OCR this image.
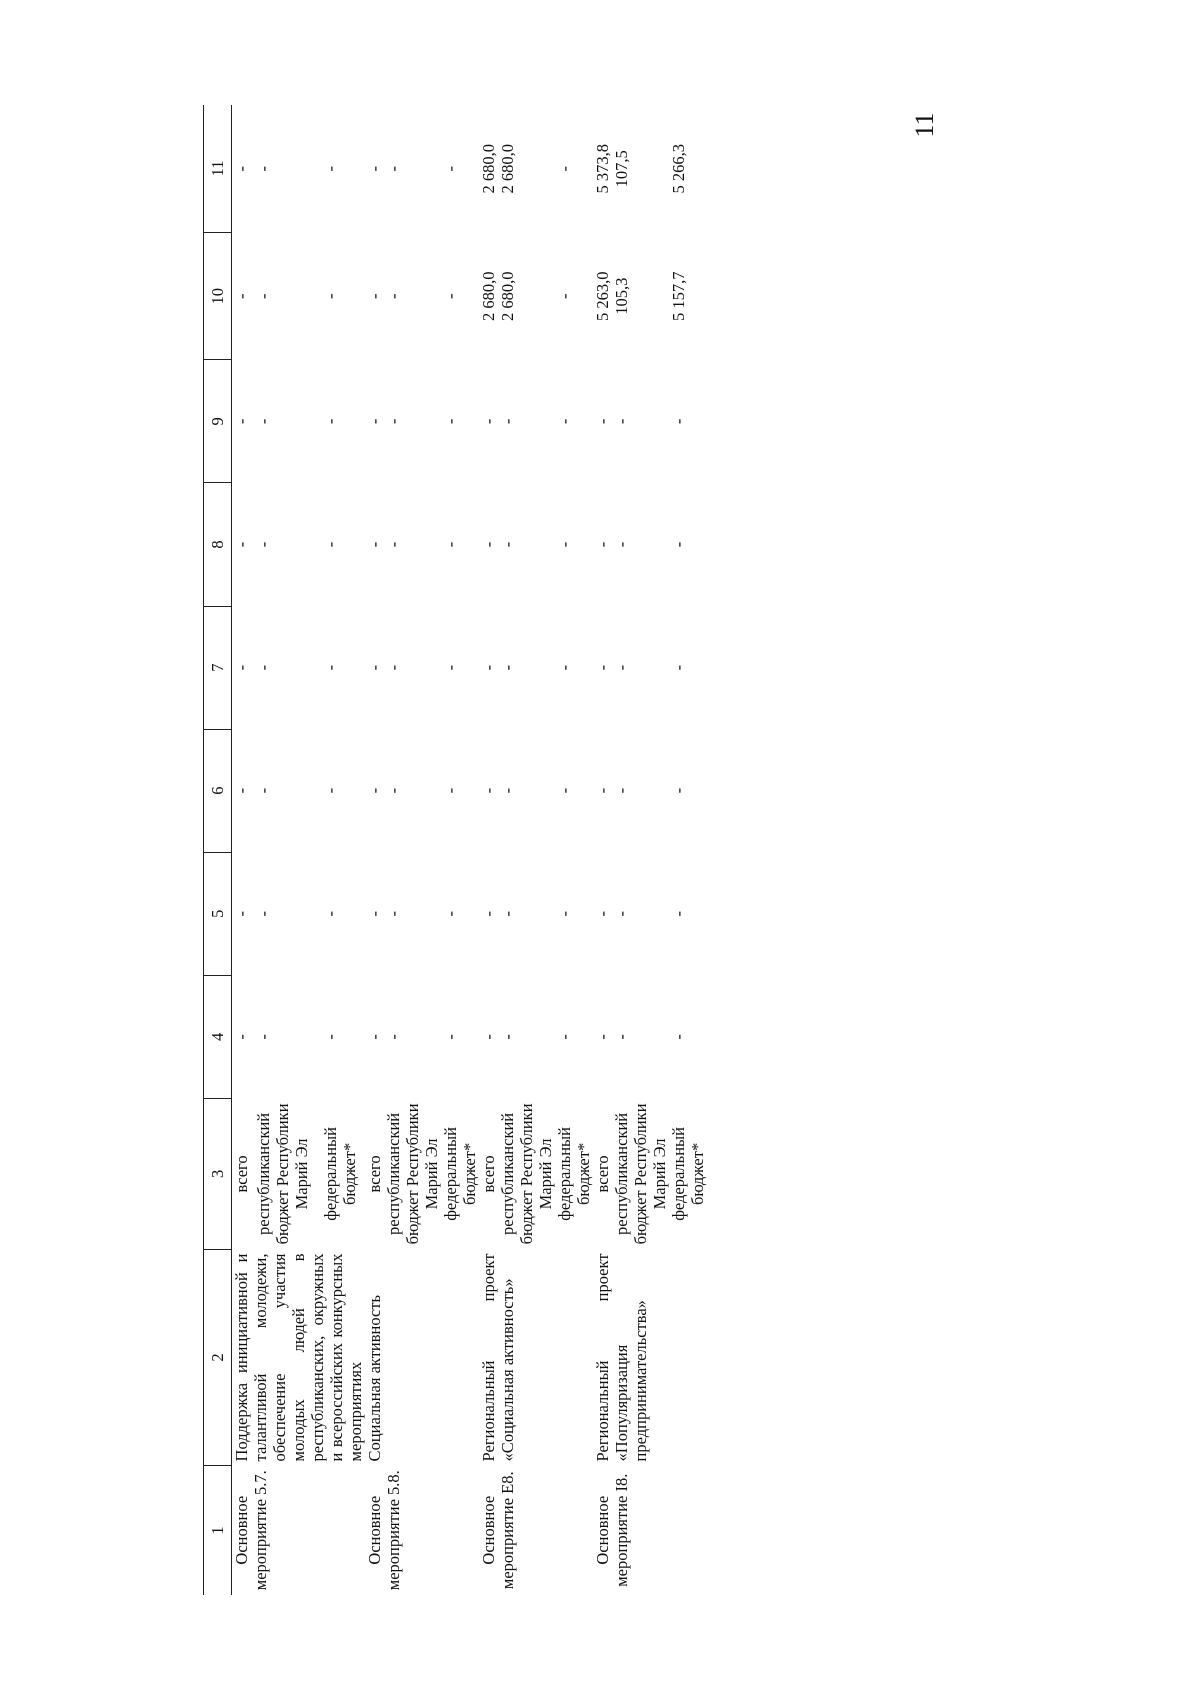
11
1	2	3	4	5	6	7	8	9	10	11
Основное мероприятие 5.7.	Поддержка инициативной и талантливой молодежи, обеспечение участия молодых людей в республиканских, окружных и всероссийских конкурсных мероприятиях	всего	-	-	-	-	-	-	-	-
		республиканский бюджет Республики Марий Эл	-	-	-	-	-	-	-	-
		федеральный бюджет*	-	-	-	-	-	-	-	-
Основное мероприятие 5.8.	Социальная активность	всего	-	-	-	-	-	-	-	-
		республиканский бюджет Республики Марий Эл	-	-	-	-	-	-	-	-
		федеральный бюджет*	-	-	-	-	-	-	-	-
Основное мероприятие Е8.	Региональный проект «Социальная активность»	всего	-	-	-	-	-	-	2 680,0	2 680,0
		республиканский бюджет Республики Марий Эл	-	-	-	-	-	-	2 680,0	2 680,0
		федеральный бюджет*	-	-	-	-	-	-	-	-
Основное мероприятие I8.	Региональный проект «Популяризация предпринимательства»	всего	-	-	-	-	-	-	5 263,0	5 373,8
		республиканский бюджет Республики Марий Эл	-	-	-	-	-	-	105,3	107,5
		федеральный бюджет*	-	-	-	-	-	-	5 157,7	5 266,3
